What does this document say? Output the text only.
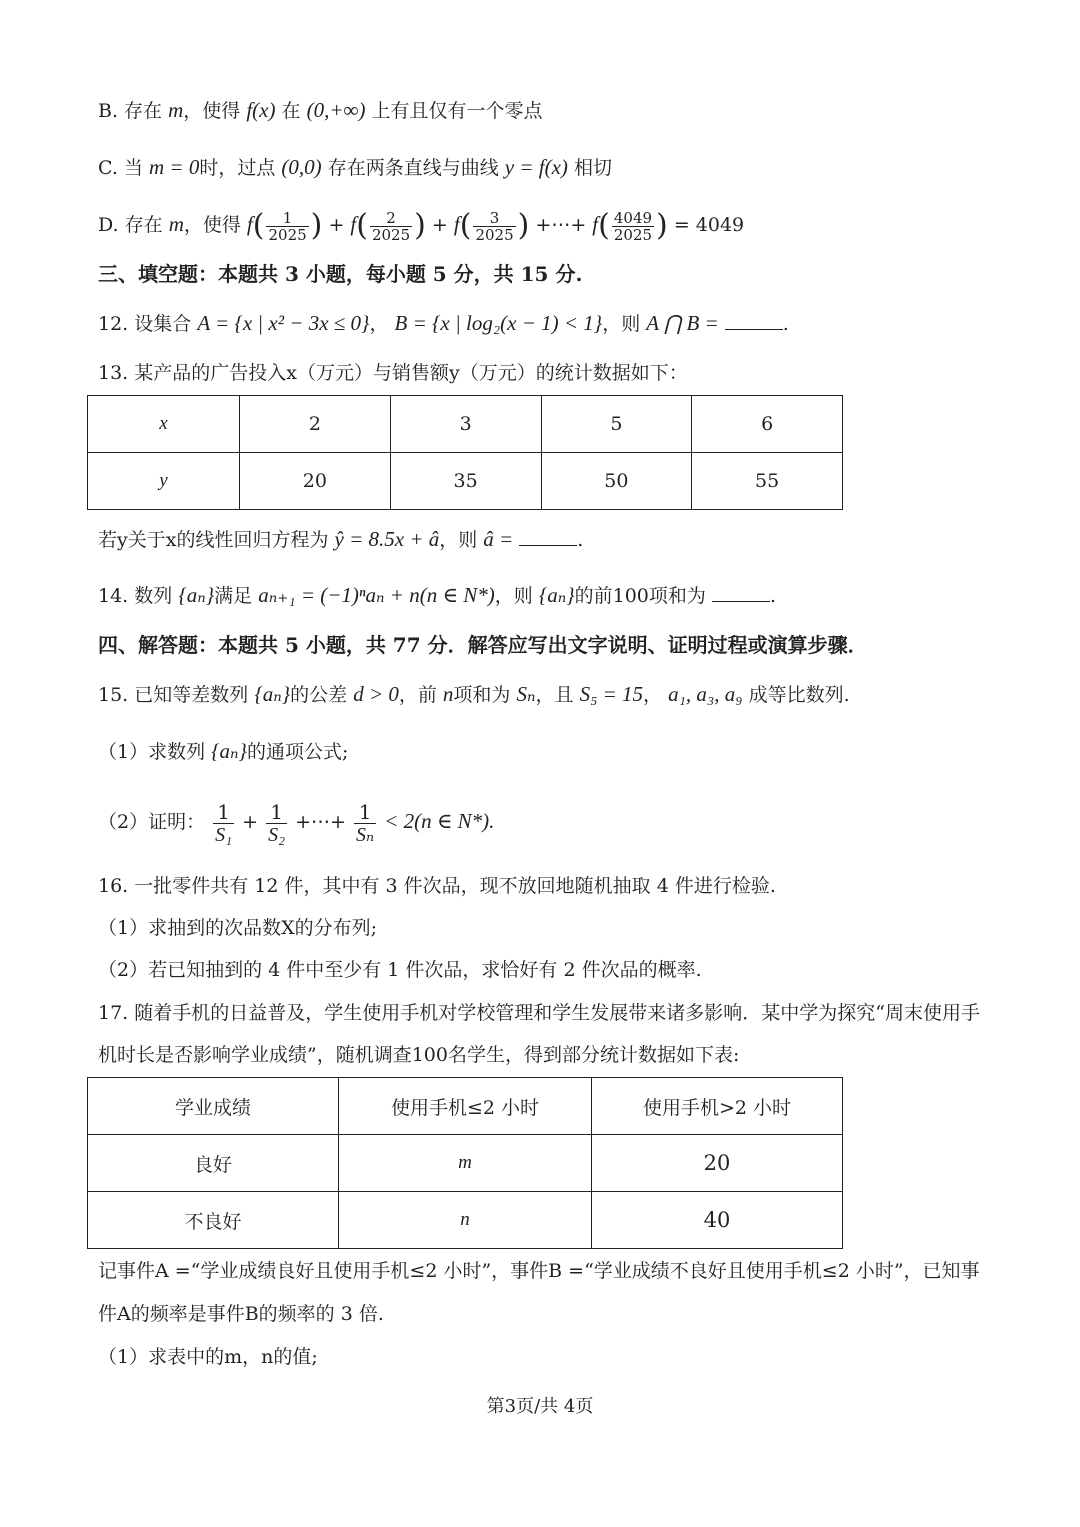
B. 存在 m，使得 f(x) 在 (0,+∞) 上有且仅有一个零点
C. 当 m = 0时，过点 (0,0) 存在两条直线与曲线 y = f(x) 相切
D. 存在 m，使得 $f( \frac{1}{2025}$ ) + $f( \frac{2}{2025}$ ) + $f( \frac{3}{2025}$ ) +⋯+ $f( \frac{4049}{2025}$ ) = 4049
三、填空题：本题共 3 小题，每小题 5 分，共 15 分.
12. 设集合 A = {x | x² − 3x ≤ 0}， B = {x | log₂(x − 1) < 1}，则 A ⋂ B =	.
13. 某产品的广告投入x（万元）与销售额y（万元）的统计数据如下：
x	2	3	5	6
y	20	35	50	55
若y关于x的线性回归方程为 ŷ = 8.5x + â，则 â =	.
14. 数列 {aₙ}满足 aₙ₊₁ = (−1)ⁿaₙ + n(n ∈ N*)，则 {aₙ}的前100项和为	.
四、解答题：本题共 5 小题，共 77 分．解答应写出文字说明、证明过程或演算步骤．
15. 已知等差数列 {aₙ}的公差 d > 0，前 n项和为 Sₙ，且 S₅ = 15， a₁, a₃, a₉ 成等比数列.
（1）求数列 {aₙ}的通项公式;
（2）证明： $\frac{1}{\text{S₁}} + \frac{1}{\text{S₂}}$ +⋯+ $\frac{1}{\text{Sₙ}} < 2(n$ ∈ N*).
16. 一批零件共有 12 件，其中有 3 件次品，现不放回地随机抽取 4 件进行检验.
（1）求抽到的次品数X的分布列;
（2）若已知抽到的 4 件中至少有 1 件次品，求恰好有 2 件次品的概率.
17. 随着手机的日益普及，学生使用手机对学校管理和学生发展带来诸多影响．某中学为探究“周末使用手
机时长是否影响学业成绩”，随机调查100名学生，得到部分统计数据如下表:
学业成绩	使用手机≤2 小时	使用手机>2 小时
良好	m	20
不良好	n	40
记事件A =“学业成绩良好且使用手机≤2 小时”，事件B =“学业成绩不良好且使用手机≤2 小时”，已知事
件A的频率是事件B的频率的 3 倍.
（1）求表中的m，n的值;
第3页/共 4页
